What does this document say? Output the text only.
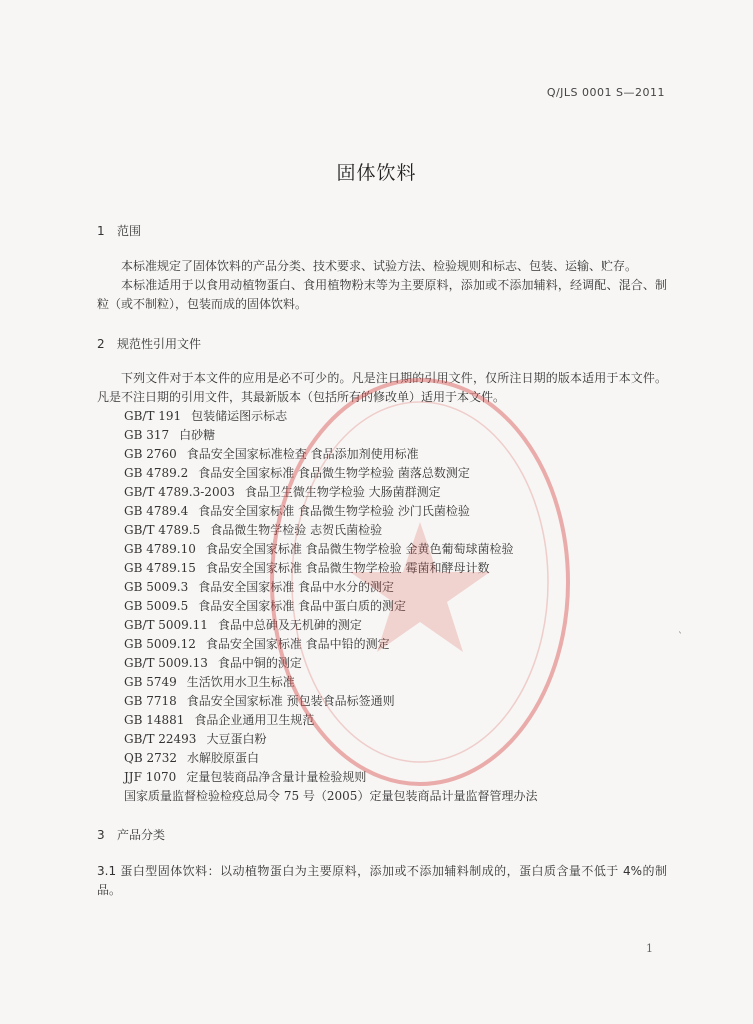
Q/JLS 0001 S—2011
固体饮料
1 范围
本标准规定了固体饮料的产品分类、技术要求、试验方法、检验规则和标志、包装、运输、贮存。
本标准适用于以食用动植物蛋白、食用植物粉末等为主要原料，添加或不添加辅料，经调配、混合、制粒（或不制粒），包装而成的固体饮料。
2 规范性引用文件
下列文件对于本文件的应用是必不可少的。凡是注日期的引用文件，仅所注日期的版本适用于本文件。凡是不注日期的引用文件，其最新版本（包括所有的修改单）适用于本文件。
GB/T 191 包装储运图示标志
GB 317 白砂糖
GB 2760 食品安全国家标准检查 食品添加剂使用标准
GB 4789.2 食品安全国家标准 食品微生物学检验 菌落总数测定
GB/T 4789.3-2003 食品卫生微生物学检验 大肠菌群测定
GB 4789.4 食品安全国家标准 食品微生物学检验 沙门氏菌检验
GB/T 4789.5 食品微生物学检验 志贺氏菌检验
GB 4789.10 食品安全国家标准 食品微生物学检验 金黄色葡萄球菌检验
GB 4789.15 食品安全国家标准 食品微生物学检验 霉菌和酵母计数
GB 5009.3 食品安全国家标准 食品中水分的测定
GB 5009.5 食品安全国家标准 食品中蛋白质的测定
GB/T 5009.11 食品中总砷及无机砷的测定
GB 5009.12 食品安全国家标准 食品中铅的测定
GB/T 5009.13 食品中铜的测定
GB 5749 生活饮用水卫生标准
GB 7718 食品安全国家标准 预包装食品标签通则
GB 14881 食品企业通用卫生规范
GB/T 22493 大豆蛋白粉
QB 2732 水解胶原蛋白
JJF 1070 定量包装商品净含量计量检验规则
国家质量监督检验检疫总局令 75 号（2005）定量包装商品计量监督管理办法
3 产品分类
3.1 蛋白型固体饮料：以动植物蛋白为主要原料，添加或不添加辅料制成的，蛋白质含量不低于 4%的制品。
ˋ
1
